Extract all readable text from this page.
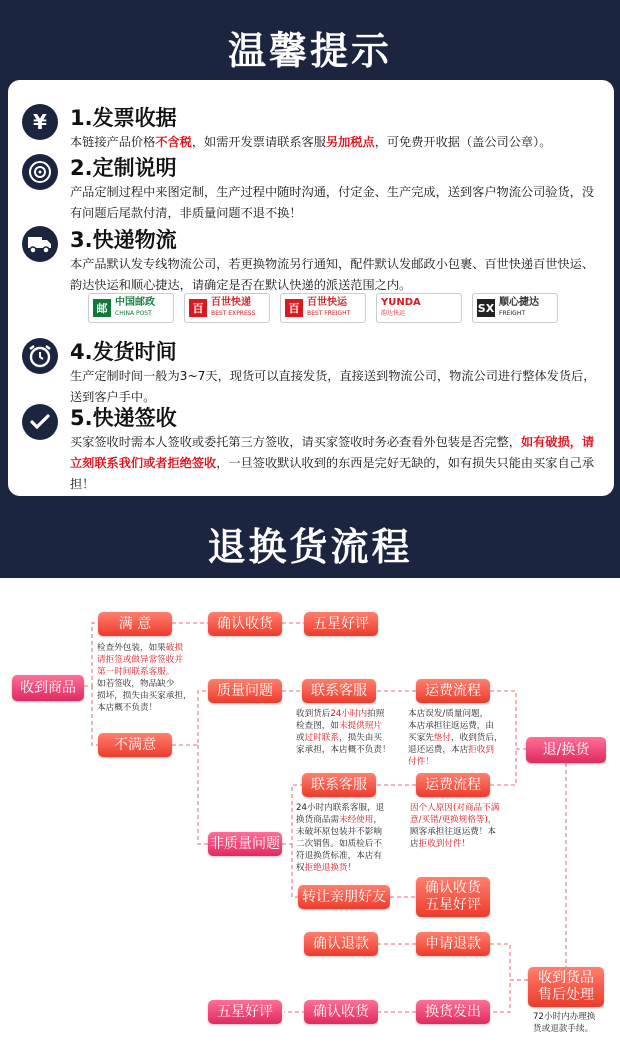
温馨提示
¥	1.发票收据
本链接产品价格不含税，如需开发票请联系客服另加税点，可免费开收据（盖公司公章）。
2.定制说明
产品定制过程中来图定制，生产过程中随时沟通，付定金、生产完成，送到客户物流公司验货，没有问题后尾款付清，非质量问题不退不换！
3.快递物流
本产品默认发专线物流公司，若更换物流另行通知，配件默认发邮政小包裹、百世快递百世快运、韵达快运和顺心捷达，请确定是否在默认快递的派送范围之内。
邮 中国邮政
CHINA POST	百 百世快递
BEST EXPRESS	百 百世快运
BEST FREIGHT
YUNDA
韵达快运	SX 顺心捷达
FREIGHT
4.发货时间
生产定制时间一般为3~7天，现货可以直接发货，直接送到物流公司，物流公司进行整体发货后，送到客户手中。
5.快递签收
买家签收时需本人签收或委托第三方签收，请买家签收时务必查看外包装是否完整，如有破损，请立刻联系我们或者拒绝签收，一旦签收默认收到的东西是完好无缺的，如有损失只能由买家自己承担！
退换货流程
收到商品
满 意
不满意
确认收货	五星好评
质量问题	联系客服	运费流程
退/换货
联系客服	运费流程
非质量问题
转让亲朋好友
确认收货
五星好评
确认退款	申请退款
收到货品
售后处理
五星好评	确认收货	换货发出
检查外包装，如果破损
请拒签或做异常签收并
第一时间联系客服。
如若签收，物品缺少
损坏，损失由买家承担，
本店概不负责！
收到货后24小时内拍照
检查图，如未提供照片
或过时联系，损失由买
家承担，本店概不负责！
本店误发/质量问题，
本店承担往返运费，由
买家先垫付，收到货后，
退还运费，本店拒收到
付件！
24小时内联系客服，退
换货商品需未经使用，
未破坏原包装并不影响
二次销售。如质检后不
符退换货标准，本店有
权拒绝退换货！
因个人原因(对商品不满
意/买错/更换规格等)，
顾客承担往返运费！本
店拒收到付件！
72小时内办理换
货或退款手续。
